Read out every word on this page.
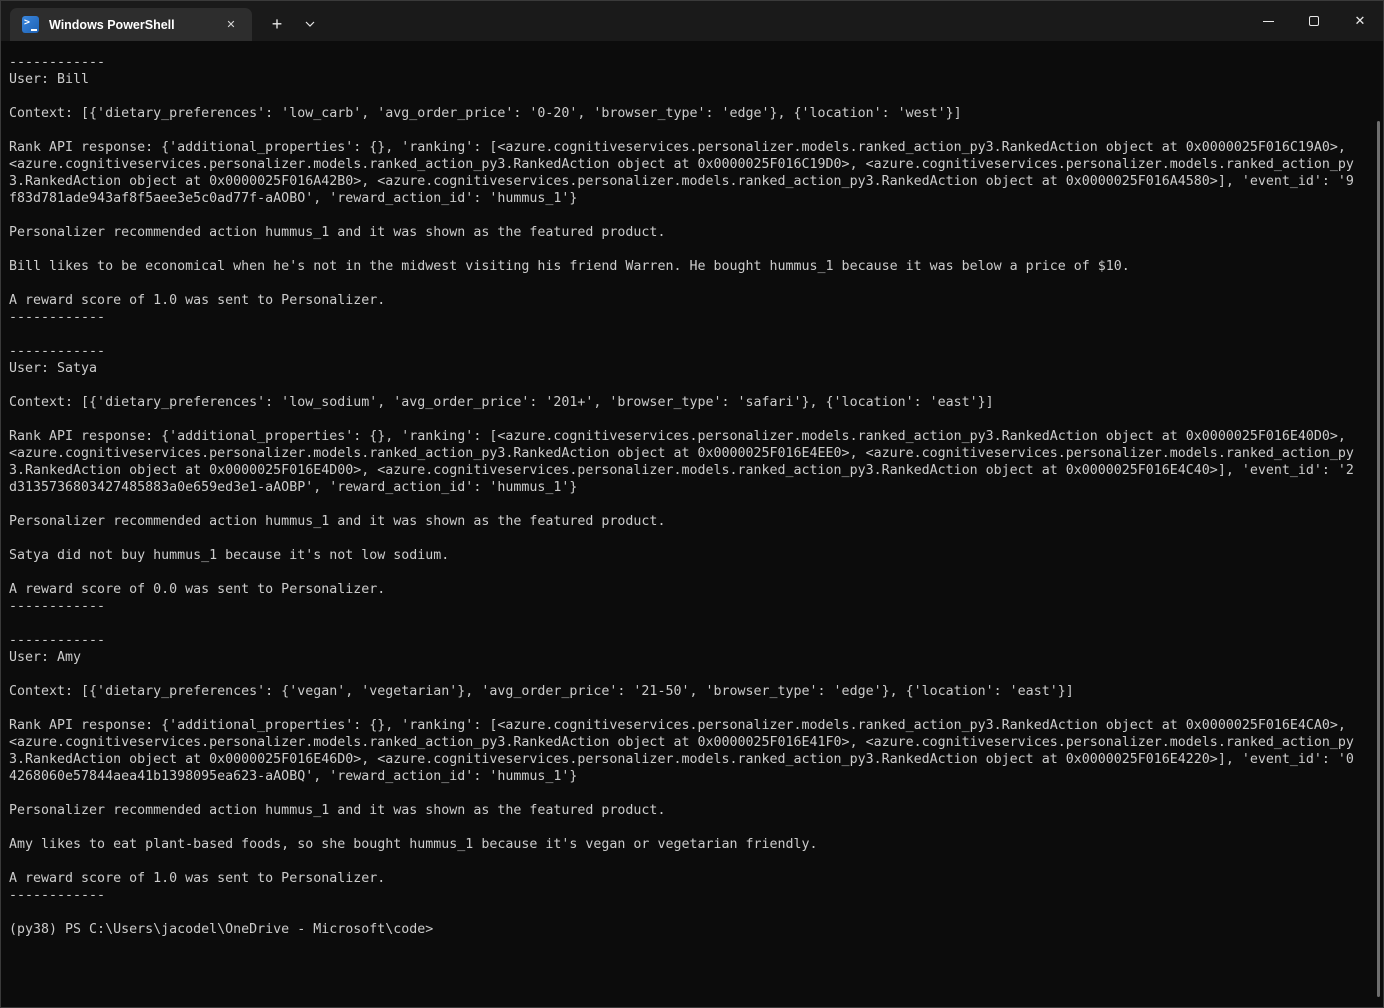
> Windows PowerShell	✕	+	✕
------------
User: Bill
Context: [{'dietary_preferences': 'low_carb', 'avg_order_price': '0-20', 'browser_type': 'edge'}, {'location': 'west'}]
Rank API response: {'additional_properties': {}, 'ranking': [<azure.cognitiveservices.personalizer.models.ranked_action_py3.RankedAction object at 0x0000025F016C19A0>,
<azure.cognitiveservices.personalizer.models.ranked_action_py3.RankedAction object at 0x0000025F016C19D0>, <azure.cognitiveservices.personalizer.models.ranked_action_py
3.RankedAction object at 0x0000025F016A42B0>, <azure.cognitiveservices.personalizer.models.ranked_action_py3.RankedAction object at 0x0000025F016A4580>], 'event_id': '9
f83d781ade943af8f5aee3e5c0ad77f-aAOBO', 'reward_action_id': 'hummus_1'}
Personalizer recommended action hummus_1 and it was shown as the featured product.
Bill likes to be economical when he's not in the midwest visiting his friend Warren. He bought hummus_1 because it was below a price of $10.
A reward score of 1.0 was sent to Personalizer.
------------
------------
User: Satya
Context: [{'dietary_preferences': 'low_sodium', 'avg_order_price': '201+', 'browser_type': 'safari'}, {'location': 'east'}]
Rank API response: {'additional_properties': {}, 'ranking': [<azure.cognitiveservices.personalizer.models.ranked_action_py3.RankedAction object at 0x0000025F016E40D0>,
<azure.cognitiveservices.personalizer.models.ranked_action_py3.RankedAction object at 0x0000025F016E4EE0>, <azure.cognitiveservices.personalizer.models.ranked_action_py
3.RankedAction object at 0x0000025F016E4D00>, <azure.cognitiveservices.personalizer.models.ranked_action_py3.RankedAction object at 0x0000025F016E4C40>], 'event_id': '2
d3135736803427485883a0e659ed3e1-aAOBP', 'reward_action_id': 'hummus_1'}
Personalizer recommended action hummus_1 and it was shown as the featured product.
Satya did not buy hummus_1 because it's not low sodium.
A reward score of 0.0 was sent to Personalizer.
------------
------------
User: Amy
Context: [{'dietary_preferences': {'vegan', 'vegetarian'}, 'avg_order_price': '21-50', 'browser_type': 'edge'}, {'location': 'east'}]
Rank API response: {'additional_properties': {}, 'ranking': [<azure.cognitiveservices.personalizer.models.ranked_action_py3.RankedAction object at 0x0000025F016E4CA0>,
<azure.cognitiveservices.personalizer.models.ranked_action_py3.RankedAction object at 0x0000025F016E41F0>, <azure.cognitiveservices.personalizer.models.ranked_action_py
3.RankedAction object at 0x0000025F016E46D0>, <azure.cognitiveservices.personalizer.models.ranked_action_py3.RankedAction object at 0x0000025F016E4220>], 'event_id': '0
4268060e57844aea41b1398095ea623-aAOBQ', 'reward_action_id': 'hummus_1'}
Personalizer recommended action hummus_1 and it was shown as the featured product.
Amy likes to eat plant-based foods, so she bought hummus_1 because it's vegan or vegetarian friendly.
A reward score of 1.0 was sent to Personalizer.
------------
(py38) PS C:\Users\jacodel\OneDrive - Microsoft\code>
